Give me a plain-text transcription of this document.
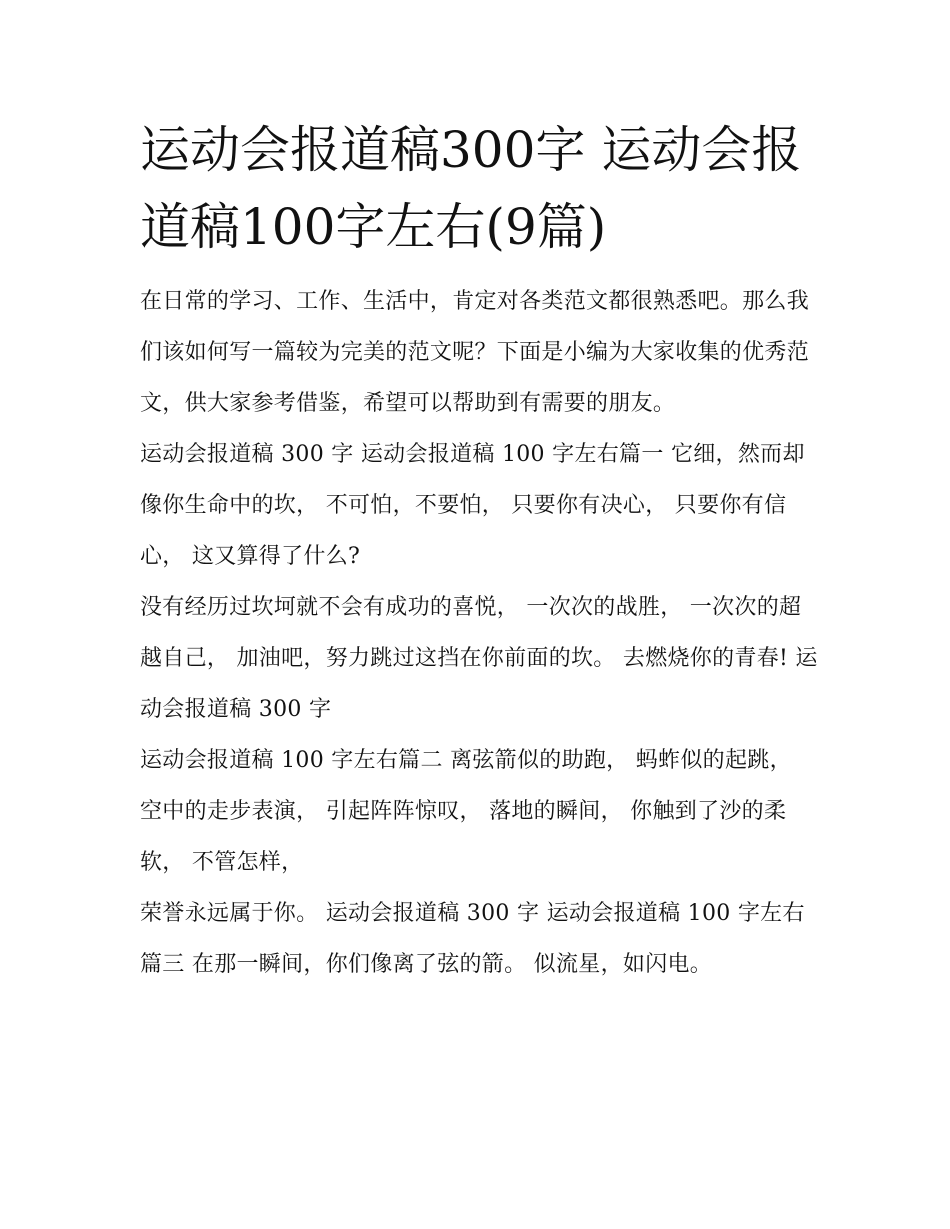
运动会报道稿300字 运动会报道稿100字左右(9篇)

在日常的学习、工作、生活中，肯定对各类范文都很熟悉吧。那么我们该如何写一篇较为完美的范文呢？下面是小编为大家收集的优秀范文，供大家参考借鉴，希望可以帮助到有需要的朋友。

运动会报道稿 300 字 运动会报道稿 100 字左右篇一 它细，然而却像你生命中的坎， 不可怕，不要怕， 只要你有决心， 只要你有信心， 这又算得了什么?

没有经历过坎坷就不会有成功的喜悦， 一次次的战胜， 一次次的超越自己， 加油吧，努力跳过这挡在你前面的坎。 去燃烧你的青春! 运动会报道稿 300 字

运动会报道稿 100 字左右篇二 离弦箭似的助跑， 蚂蚱似的起跳， 空中的走步表演， 引起阵阵惊叹， 落地的瞬间， 你触到了沙的柔软， 不管怎样，

荣誉永远属于你。 运动会报道稿 300 字 运动会报道稿 100 字左右篇三 在那一瞬间，你们像离了弦的箭。 似流星，如闪电。
